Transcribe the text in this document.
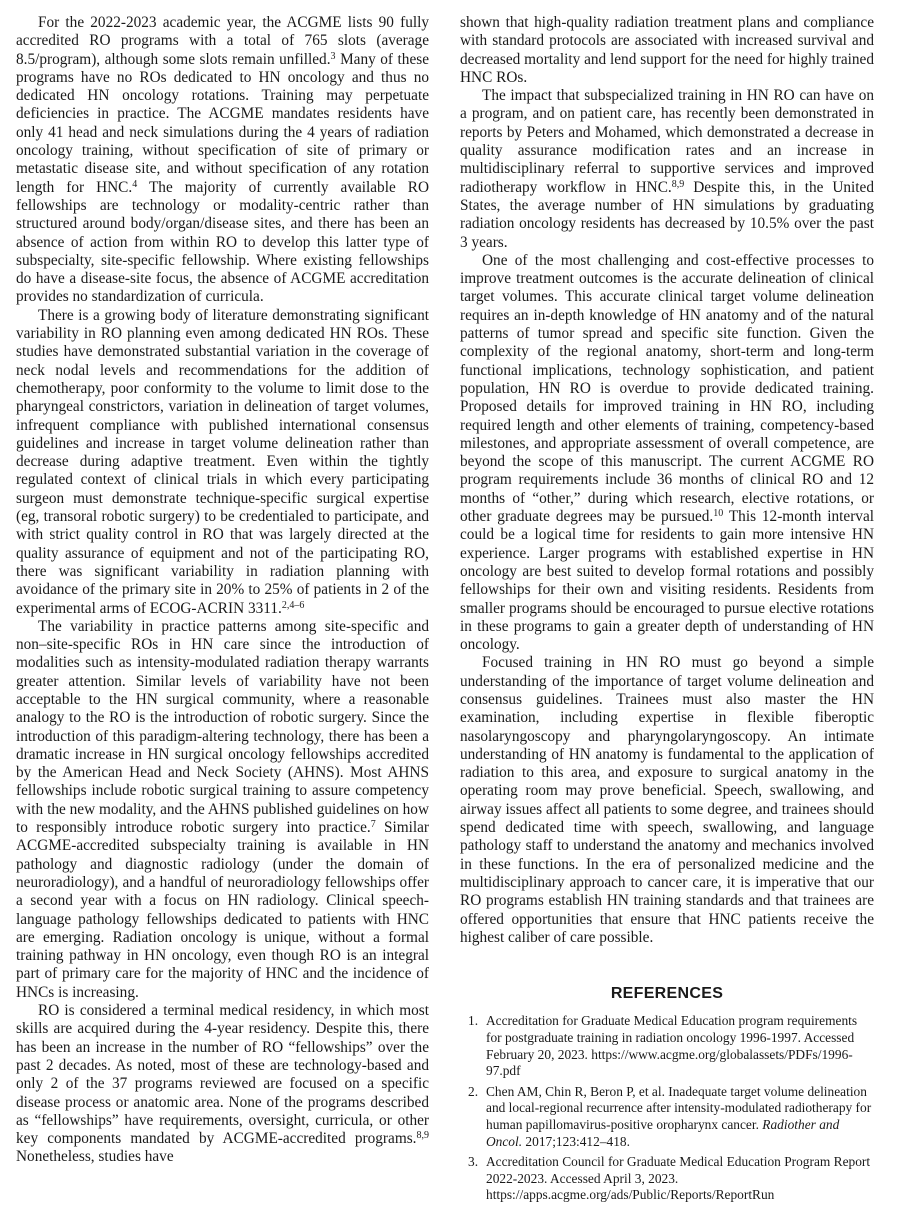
For the 2022-2023 academic year, the ACGME lists 90 fully accredited RO programs with a total of 765 slots (average 8.5/program), although some slots remain unfilled.$^3$ Many of these programs have no ROs dedicated to HN oncology and thus no dedicated HN oncology rotations. Training may perpetuate deficiencies in practice. The ACGME mandates residents have only 41 head and neck simulations during the 4 years of radiation oncology training, without specification of site of primary or metastatic disease site, and without specification of any rotation length for HNC.$^4$ The majority of currently available RO fellowships are technology or modality-centric rather than structured around body/organ/disease sites, and there has been an absence of action from within RO to develop this latter type of subspecialty, site-specific fellowship. Where existing fellowships do have a disease-site focus, the absence of ACGME accreditation provides no standardization of curricula.

There is a growing body of literature demonstrating significant variability in RO planning even among dedicated HN ROs. These studies have demonstrated substantial variation in the coverage of neck nodal levels and recommendations for the addition of chemotherapy, poor conformity to the volume to limit dose to the pharyngeal constrictors, variation in delineation of target volumes, infrequent compliance with published international consensus guidelines and increase in target volume delineation rather than decrease during adaptive treatment. Even within the tightly regulated context of clinical trials in which every participating surgeon must demonstrate technique-specific surgical expertise (eg, transoral robotic surgery) to be credentialed to participate, and with strict quality control in RO that was largely directed at the quality assurance of equipment and not of the participating RO, there was significant variability in radiation planning with avoidance of the primary site in 20% to 25% of patients in 2 of the experimental arms of ECOG-ACRIN 3311.$^{2,4-6}$

The variability in practice patterns among site-specific and non–site-specific ROs in HN care since the introduction of modalities such as intensity-modulated radiation therapy warrants greater attention. Similar levels of variability have not been acceptable to the HN surgical community, where a reasonable analogy to the RO is the introduction of robotic surgery. Since the introduction of this paradigm-altering technology, there has been a dramatic increase in HN surgical oncology fellowships accredited by the American Head and Neck Society (AHNS). Most AHNS fellowships include robotic surgical training to assure competency with the new modality, and the AHNS published guidelines on how to responsibly introduce robotic surgery into practice.$^7$ Similar ACGME-accredited subspecialty training is available in HN pathology and diagnostic radiology (under the domain of neuroradiology), and a handful of neuroradiology fellowships offer a second year with a focus on HN radiology. Clinical speech-language pathology fellowships dedicated to patients with HNC are emerging. Radiation oncology is unique, without a formal training pathway in HN oncology, even though RO is an integral part of primary care for the majority of HNC and the incidence of HNCs is increasing.

RO is considered a terminal medical residency, in which most skills are acquired during the 4-year residency. Despite this, there has been an increase in the number of RO “fellowships” over the past 2 decades. As noted, most of these are technology-based and only 2 of the 37 programs reviewed are focused on a specific disease process or anatomic area. None of the programs described as “fellowships” have requirements, oversight, curricula, or other key components mandated by ACGME-accredited programs.$^{8,9}$ Nonetheless, studies have

shown that high-quality radiation treatment plans and compliance with standard protocols are associated with increased survival and decreased mortality and lend support for the need for highly trained HNC ROs.

The impact that subspecialized training in HN RO can have on a program, and on patient care, has recently been demonstrated in reports by Peters and Mohamed, which demonstrated a decrease in quality assurance modification rates and an increase in multidisciplinary referral to supportive services and improved radiotherapy workflow in HNC.$^{8,9}$ Despite this, in the United States, the average number of HN simulations by graduating radiation oncology residents has decreased by 10.5% over the past 3 years.

One of the most challenging and cost-effective processes to improve treatment outcomes is the accurate delineation of clinical target volumes. This accurate clinical target volume delineation requires an in-depth knowledge of HN anatomy and of the natural patterns of tumor spread and specific site function. Given the complexity of the regional anatomy, short-term and long-term functional implications, technology sophistication, and patient population, HN RO is overdue to provide dedicated training. Proposed details for improved training in HN RO, including required length and other elements of training, competency-based milestones, and appropriate assessment of overall competence, are beyond the scope of this manuscript. The current ACGME RO program requirements include 36 months of clinical RO and 12 months of “other,” during which research, elective rotations, or other graduate degrees may be pursued.$^{10}$ This 12-month interval could be a logical time for residents to gain more intensive HN experience. Larger programs with established expertise in HN oncology are best suited to develop formal rotations and possibly fellowships for their own and visiting residents. Residents from smaller programs should be encouraged to pursue elective rotations in these programs to gain a greater depth of understanding of HN oncology.

Focused training in HN RO must go beyond a simple understanding of the importance of target volume delineation and consensus guidelines. Trainees must also master the HN examination, including expertise in flexible fiberoptic nasolaryngoscopy and pharyngolaryngoscopy. An intimate understanding of HN anatomy is fundamental to the application of radiation to this area, and exposure to surgical anatomy in the operating room may prove beneficial. Speech, swallowing, and airway issues affect all patients to some degree, and trainees should spend dedicated time with speech, swallowing, and language pathology staff to understand the anatomy and mechanics involved in these functions. In the era of personalized medicine and the multidisciplinary approach to cancer care, it is imperative that our RO programs establish HN training standards and that trainees are offered opportunities that ensure that HNC patients receive the highest caliber of care possible.

REFERENCES
1. Accreditation for Graduate Medical Education program requirements for postgraduate training in radiation oncology 1996-1997. Accessed February 20, 2023. https://www.acgme.org/globalassets/PDFs/1996-97.pdf
2. Chen AM, Chin R, Beron P, et al. Inadequate target volume delineation and local-regional recurrence after intensity-modulated radiotherapy for human papillomavirus-positive oropharynx cancer. Radiother and Oncol. 2017;123:412–418.
3. Accreditation Council for Graduate Medical Education Program Report 2022-2023. Accessed April 3, 2023. https://apps.acgme.org/ads/Public/Reports/ReportRun
